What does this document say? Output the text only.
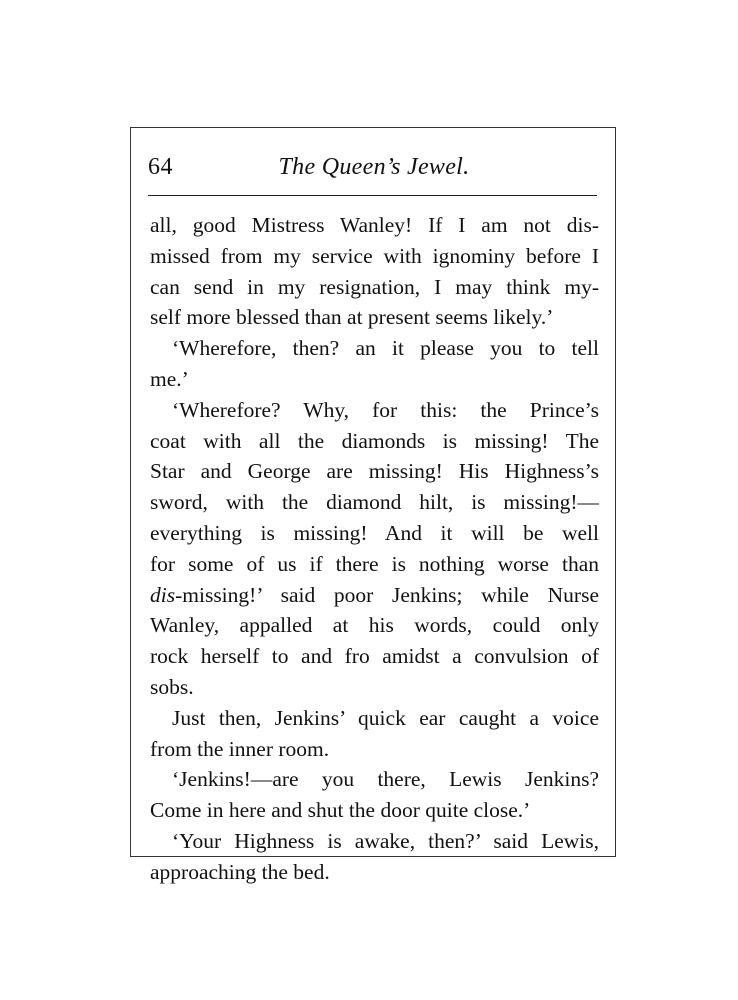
64	The Queen’s Jewel.
all, good Mistress Wanley! If I am not dis-
missed from my service with ignominy before I
can send in my resignation, I may think my-
self more blessed than at present seems likely.’
‘Wherefore, then? an it please you to tell
me.’
‘Wherefore? Why, for this: the Prince’s
coat with all the diamonds is missing! The
Star and George are missing! His Highness’s
sword, with the diamond hilt, is missing!—
everything is missing! And it will be well
for some of us if there is nothing worse than
dis-missing!’ said poor Jenkins; while Nurse
Wanley, appalled at his words, could only
rock herself to and fro amidst a convulsion of
sobs.
Just then, Jenkins’ quick ear caught a voice
from the inner room.
‘Jenkins!—are you there, Lewis Jenkins?
Come in here and shut the door quite close.’
‘Your Highness is awake, then?’ said Lewis,
approaching the bed.
